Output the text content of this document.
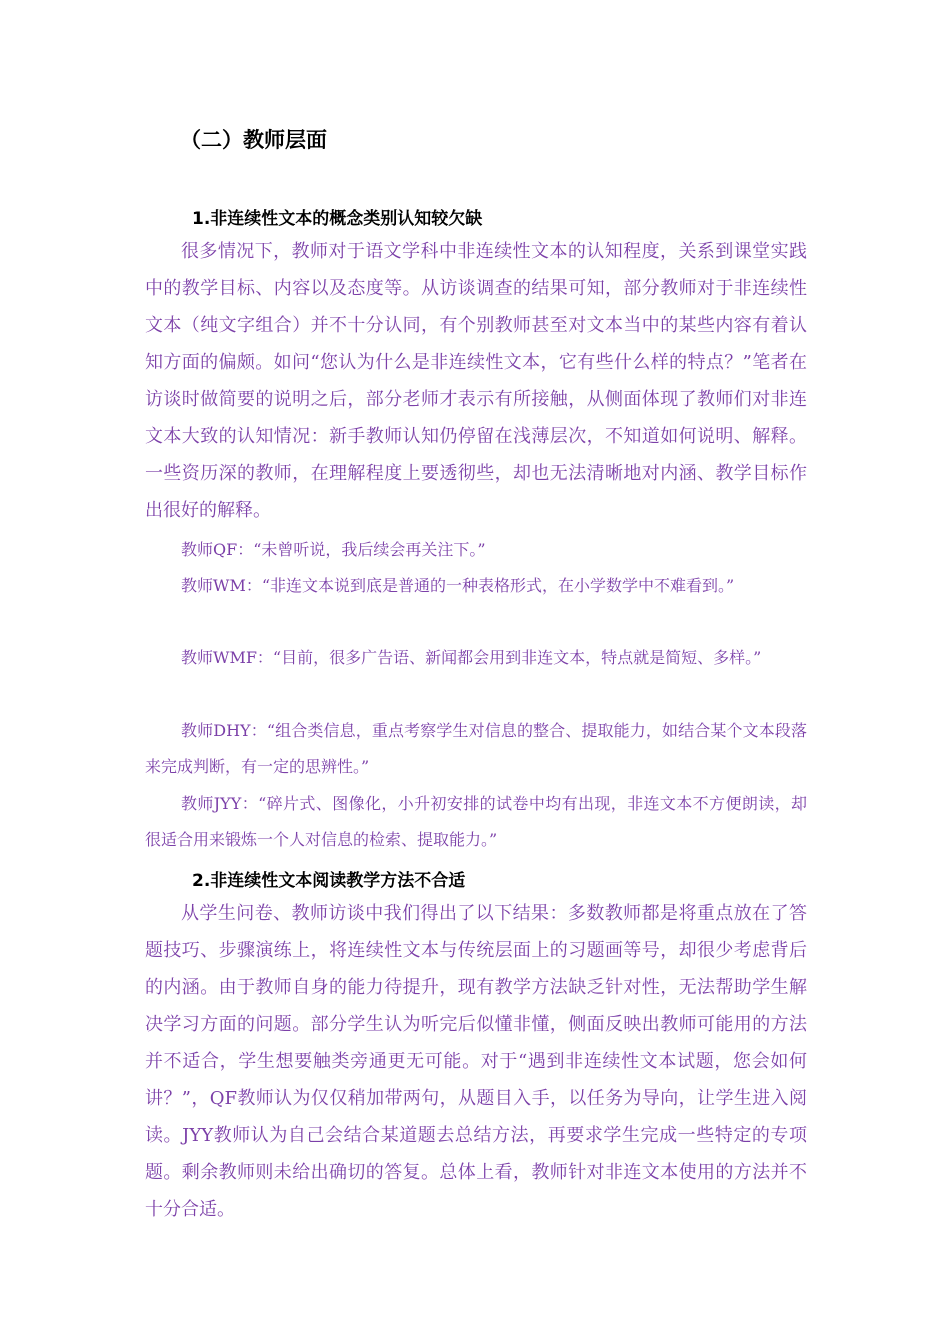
（二）教师层面
1.非连续性文本的概念类别认知较欠缺

很多情况下，教师对于语文学科中非连续性文本的认知程度，关系到课堂实践中的教学目标、内容以及态度等。从访谈调查的结果可知，部分教师对于非连续性文本（纯文字组合）并不十分认同，有个别教师甚至对文本当中的某些内容有着认知方面的偏颇。如问“您认为什么是非连续性文本，它有些什么样的特点？”笔者在访谈时做简要的说明之后，部分老师才表示有所接触，从侧面体现了教师们对非连文本大致的认知情况：新手教师认知仍停留在浅薄层次，不知道如何说明、解释。一些资历深的教师，在理解程度上要透彻些，却也无法清晰地对内涵、教学目标作出很好的解释。

教师QF：“未曾听说，我后续会再关注下。”

教师WM：“非连文本说到底是普通的一种表格形式，在小学数学中不难看到。”

教师WMF：“目前，很多广告语、新闻都会用到非连文本，特点就是简短、多样。”

教师DHY：“组合类信息，重点考察学生对信息的整合、提取能力，如结合某个文本段落来完成判断，有一定的思辨性。”

教师JYY：“碎片式、图像化，小升初安排的试卷中均有出现，非连文本不方便朗读，却很适合用来锻炼一个人对信息的检索、提取能力。”

2.非连续性文本阅读教学方法不合适

从学生问卷、教师访谈中我们得出了以下结果：多数教师都是将重点放在了答题技巧、步骤演练上，将连续性文本与传统层面上的习题画等号，却很少考虑背后的内涵。由于教师自身的能力待提升，现有教学方法缺乏针对性，无法帮助学生解决学习方面的问题。部分学生认为听完后似懂非懂，侧面反映出教师可能用的方法并不适合，学生想要触类旁通更无可能。对于“遇到非连续性文本试题，您会如何讲？”，QF教师认为仅仅稍加带两句，从题目入手，以任务为导向，让学生进入阅读。JYY教师认为自己会结合某道题去总结方法，再要求学生完成一些特定的专项题。剩余教师则未给出确切的答复。总体上看，教师针对非连文本使用的方法并不十分合适。
